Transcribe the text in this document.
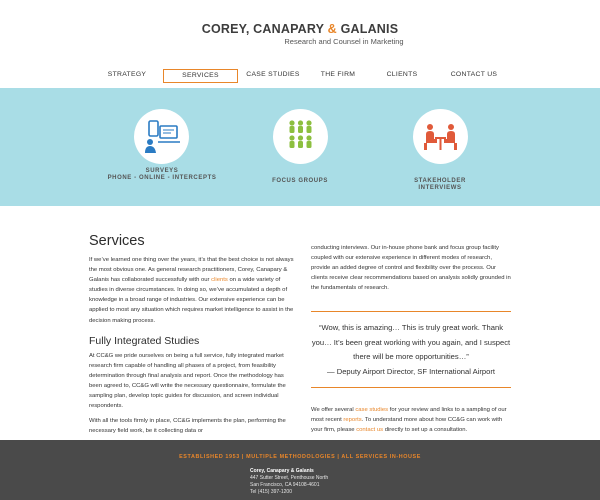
COREY, CANAPARY & GALANIS
Research and Counsel in Marketing
STRATEGY	SERVICES	CASE STUDIES	THE FIRM	CLIENTS	CONTACT US
SURVEYS
PHONE - ONLINE - INTERCEPTS
FOCUS GROUPS	STAKEHOLDER
INTERVIEWS
Services

If we’ve learned one thing over the years, it’s that the best choice is not always the most obvious one. As general research practitioners, Corey, Canapary & Galanis has collaborated successfully with our clients on a wide variety of studies in diverse circumstances. In doing so, we’ve accumulated a depth of knowledge in a broad range of industries. Our extensive experience can be applied to most any situation which requires market intelligence to assist in the decision making process.

Fully Integrated Studies

At CC&G we pride ourselves on being a full service, fully integrated market research firm capable of handling all phases of a project, from feasibility determination through final analysis and report. Once the methodology has been agreed to, CC&G will write the necessary questionnaire, formulate the sampling plan, develop topic guides for discussion, and screen individual respondents.

With all the tools firmly in place, CC&G implements the plan, performing the necessary field work, be it collecting data or

conducting interviews. Our in-house phone bank and focus group facility coupled with our extensive experience in different modes of research, provide an added degree of control and flexibility over the process. Our clients receive clear recommendations based on analysis solidly grounded in the fundamentals of research.

“Wow, this is amazing… This is truly great work. Thank you… It’s been great working with you again, and I suspect there will be more opportunities…”
— Deputy Airport Director, SF International Airport

We offer several case studies for your review and links to a sampling of our most recent reports. To understand more about how CC&G can work with your firm, please contact us directly to set up a consultation.

ESTABLISHED 1953 | MULTIPLE METHODOLOGIES | ALL SERVICES IN-HOUSE
Corey, Canapary & Galanis
447 Sutter Street, Penthouse North
San Francisco, CA 94108-4601
Tel (415) 397-1200
